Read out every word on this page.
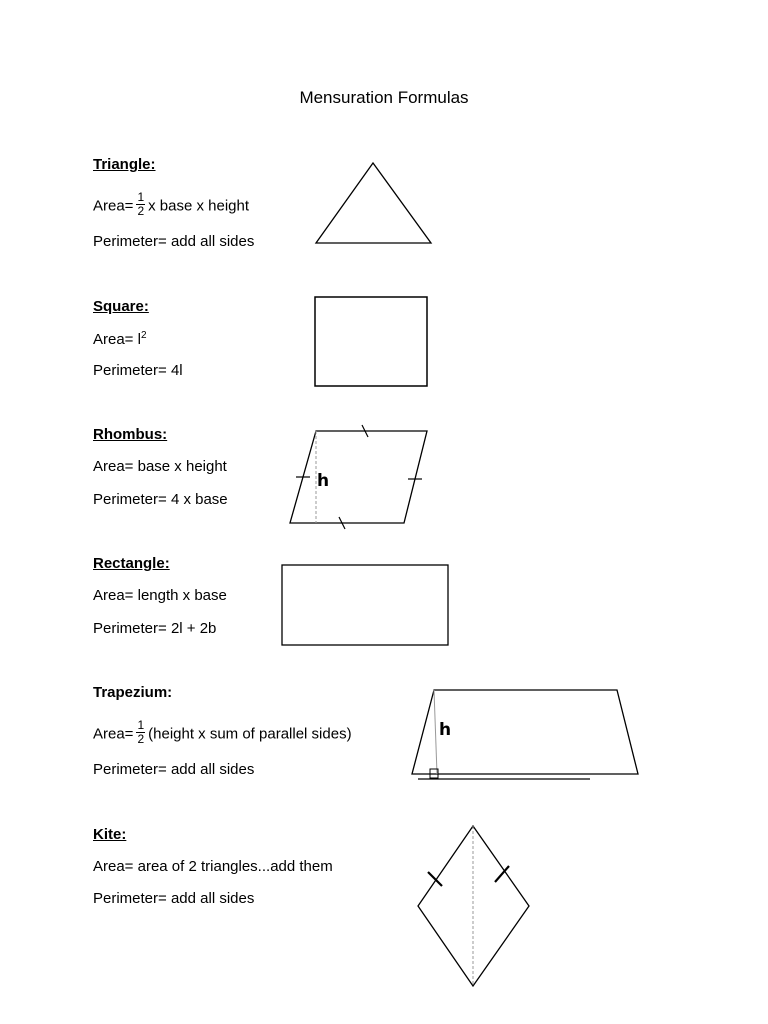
Mensuration Formulas
Triangle:
Area= $\frac{1}{2}$ x base x height
Perimeter= add all sides
Square:
Area= $l^2$
Perimeter= 4l
Rhombus:
Area= base x height
Perimeter= 4 x base
Rectangle:
Area= length x base
Perimeter= 2l + 2b
Trapezium:
Area= $\frac{1}{2}$ (height x sum of parallel sides)
Perimeter= add all sides
Kite:
Area= area of 2 triangles...add them
Perimeter= add all sides
h
h
